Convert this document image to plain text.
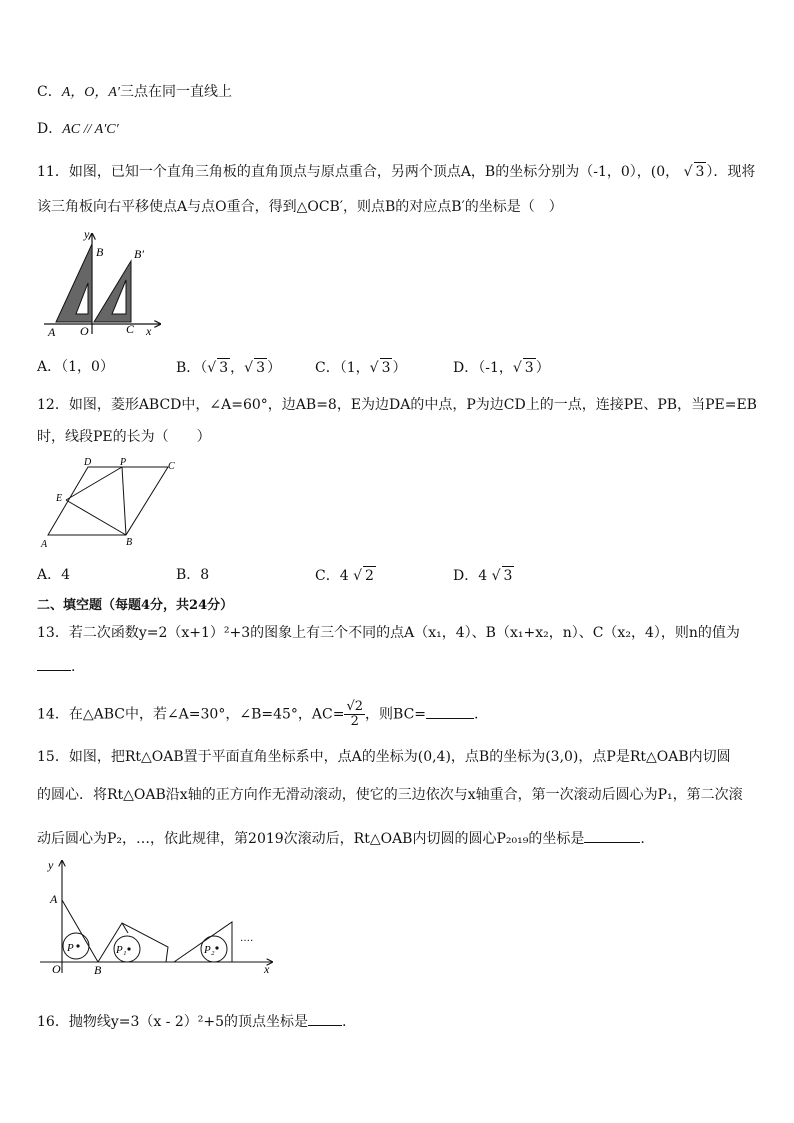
C．A，O，A′三点在同一直线上
D．AC // A′C′
11．如图，已知一个直角三角板的直角顶点与原点重合，另两个顶点A，B的坐标分别为（-1，0），(0， √ 3 ）．现将
该三角板向右平移使点A与点O重合，得到△OCB′，则点B的对应点B′的坐标是（　）
y
B	B′
A O	C x
A．（1，0）	B．（√ 3 ，√ 3 ） C．（1，√ 3 ）	D．（-1，√ 3 ）
12．如图，菱形ABCD中，∠A=60°，边AB=8，E为边DA的中点，P为边CD上的一点，连接PE、PB，当PE=EB
时，线段PE的长为（　　）
D	P	C
E
A	B
A．4	B．8	C．4 √ 2	D．4 √ 3
二、填空题（每题4分，共24分）
13．若二次函数y=2（x+1）²+3的图象上有三个不同的点A（x₁，4）、B（x₁+x₂，n）、C（x₂，4），则n的值为
.
14．在△ABC中，若∠A=30°，∠B=45°，$AC= \frac{√2}{2}$ ，则BC=	.
15．如图，把Rt△OAB置于平面直角坐标系中，点A的坐标为(0,4)，点B的坐标为(3,0)，点P是Rt△OAB内切圆
的圆心．将Rt△OAB沿x轴的正方向作无滑动滚动，使它的三边依次与x轴重合，第一次滚动后圆心为P₁，第二次滚
动后圆心为P₂，…，依此规律，第2019次滚动后，Rt△OAB内切圆的圆心P₂₀₁₉的坐标是	.
P	P₁	P₂
y
A
O	B	x
····
16．抛物线y=3（x - 2）²+5的顶点坐标是 .
